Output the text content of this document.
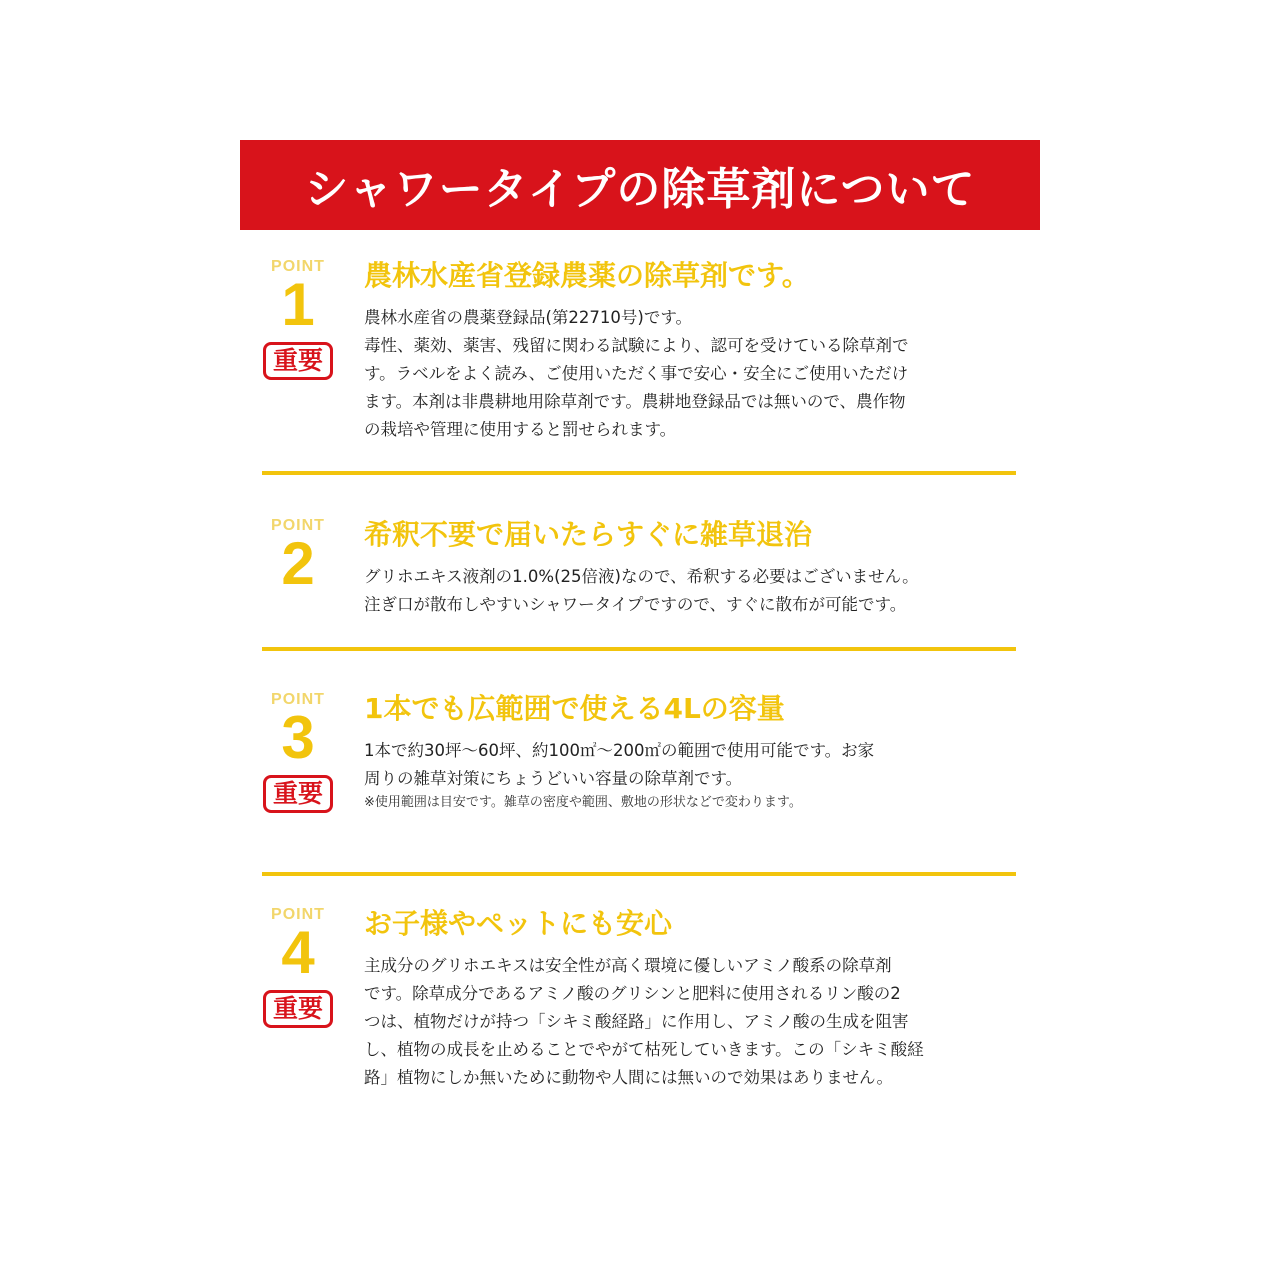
シャワータイプの除草剤について
POINT
1
重要
農林水産省登録農薬の除草剤です。
農林水産省の農薬登録品(第22710号)です。
毒性、薬効、薬害、残留に関わる試験により、認可を受けている除草剤で
す。ラベルをよく読み、ご使用いただく事で安心・安全にご使用いただけ
ます。本剤は非農耕地用除草剤です。農耕地登録品では無いので、農作物
の栽培や管理に使用すると罰せられます。
POINT
2	希釈不要で届いたらすぐに雑草退治
グリホエキス液剤の1.0%(25倍液)なので、希釈する必要はございません。
注ぎ口が散布しやすいシャワータイプですので、すぐに散布が可能です。
POINT
3
重要
1本でも広範囲で使える4Lの容量
1本で約30坪～60坪、約100㎡～200㎡の範囲で使用可能です。お家
周りの雑草対策にちょうどいい容量の除草剤です。
※使用範囲は目安です。雑草の密度や範囲、敷地の形状などで変わります。
POINT
4
重要
お子様やペットにも安心
主成分のグリホエキスは安全性が高く環境に優しいアミノ酸系の除草剤
です。除草成分であるアミノ酸のグリシンと肥料に使用されるリン酸の2
つは、植物だけが持つ「シキミ酸経路」に作用し、アミノ酸の生成を阻害
し、植物の成長を止めることでやがて枯死していきます。この「シキミ酸経
路」植物にしか無いために動物や人間には無いので効果はありません。
